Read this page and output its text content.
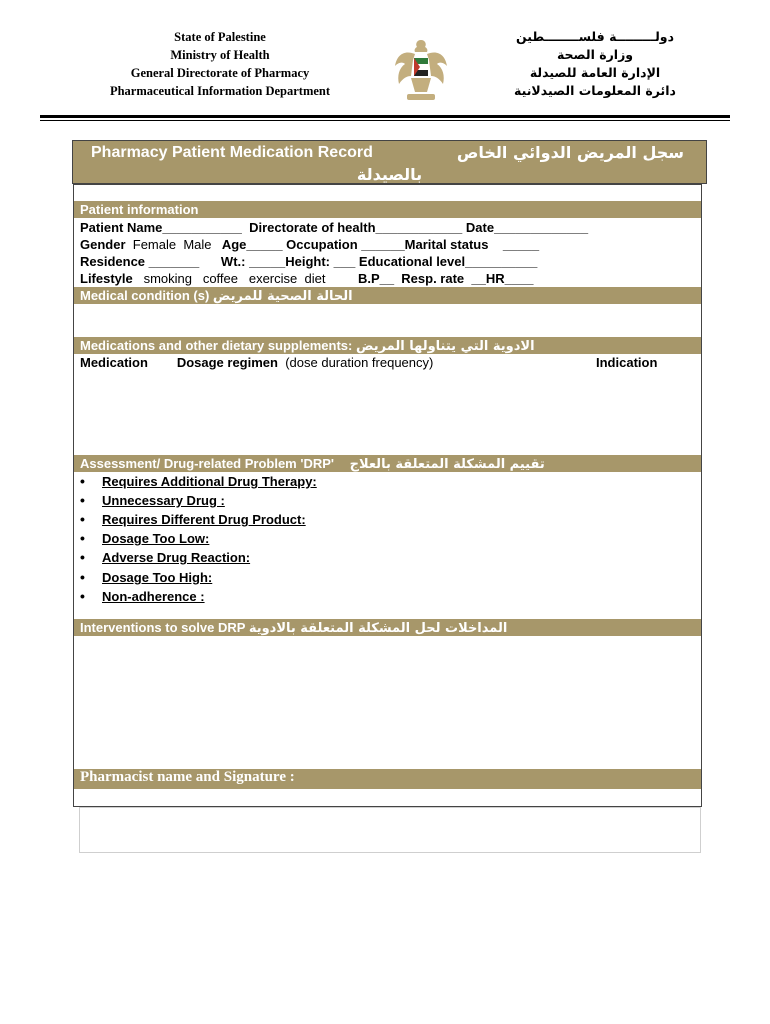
State of Palestine
Ministry of Health
General Directorate of Pharmacy
Pharmaceutical Information Department
دولـــــــــة فلســــــــطين
وزارة الصحة
الإدارة العامة للصيدلة
دائرة المعلومات الصيدلانية
Pharmacy Patient Medication Record	سجل المريض الدوائي الخاص
بالصيدلة
Patient information
Patient Name___________  Directorate of health____________ Date_____________
Gender  Female  Male   Age_____ Occupation ______Marital status    _____
Residence _______      Wt.: _____Height: ___ Educational level__________
Lifestyle   smoking   coffee   exercise  diet         B.P__  Resp. rate  __HR____
Medical condition (s) الحالة الصحية للمريض
Medications and other dietary supplements: الادوية التي يتناولها المريض
Medication Dosage regimen (dose duration frequency)	Indication
Assessment/ Drug-related Problem 'DRP' تقييم المشكلة المتعلقة بالعلاج
• Requires Additional Drug Therapy:
• Unnecessary Drug :
• Requires Different Drug Product:
• Dosage Too Low:
• Adverse Drug Reaction:
• Dosage Too High:
• Non-adherence :
Interventions to solve DRP المداخلات لحل المشكلة المتعلقة بالادوية
Pharmacist name and Signature :
